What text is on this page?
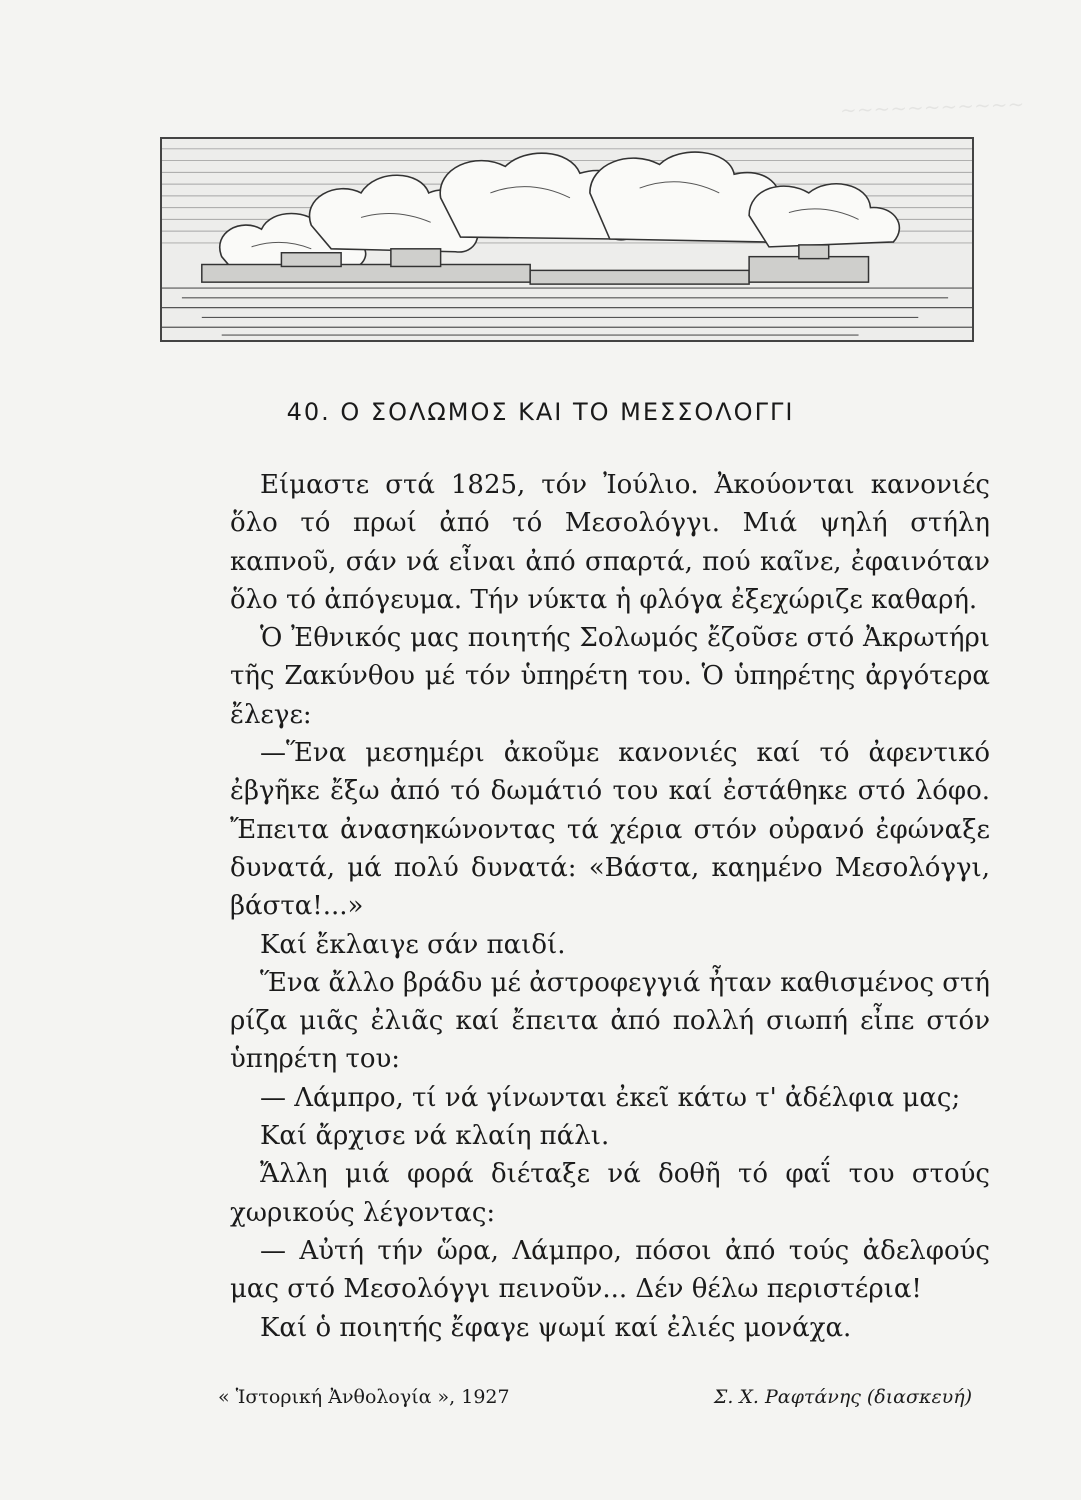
~~~~~~~~~~~
40. Ο ΣΟΛΩΜΟΣ ΚΑΙ ΤΟ ΜΕΣΣΟΛΟΓΓΙ

Είμαστε στά 1825, τόν Ἰούλιο. Ἀκούονται κανονιές ὅλο τό πρωί ἀπό τό Μεσολόγγι. Μιά ψηλή στήλη καπνοῦ, σάν νά εἶναι ἀπό σπαρτά, πού καῖνε, ἐφαινόταν ὅλο τό ἀπόγευμα. Τήν νύκτα ἡ φλόγα ἐξεχώριζε καθαρή.

Ὁ Ἐθνικός μας ποιητής Σολωμός ἔζοῦσε στό Ἀκρωτήρι τῆς Ζακύνθου μέ τόν ὑπηρέτη του. Ὁ ὑπηρέτης ἀργότερα ἔλεγε:

—Ἕνα μεσημέρι ἀκοῦμε κανονιές καί τό ἀφεντικό ἐβγῆκε ἔξω ἀπό τό δωμάτιό του καί ἐστάθηκε στό λόφο. Ἔπειτα ἀνασηκώνοντας τά χέρια στόν οὐρανό ἐφώναξε δυνατά, μά πολύ δυνατά: «Βάστα, καημένο Μεσολόγγι, βάστα!...»

Καί ἔκλαιγε σάν παιδί.

Ἕνα ἄλλο βράδυ μέ ἀστροφεγγιά ἦταν καθισμένος στή ρίζα μιᾶς ἐλιᾶς καί ἔπειτα ἀπό πολλή σιωπή εἶπε στόν ὑπηρέτη του:

— Λάμπρο, τί νά γίνωνται ἐκεῖ κάτω τ' ἀδέλφια μας;

Καί ἄρχισε νά κλαίη πάλι.

Ἄλλη μιά φορά διέταξε νά δοθῆ τό φαΐ του στούς χωρικούς λέγοντας:

— Αὐτή τήν ὥρα, Λάμπρο, πόσοι ἀπό τούς ἀδελφούς μας στό Μεσολόγγι πεινοῦν... Δέν θέλω περιστέρια!

Καί ὁ ποιητής ἔφαγε ψωμί καί ἐλιές μονάχα.

« Ἱστορική Ἀνθολογία », 1927	Σ. Χ. Ραφτάνης (διασκευή)
